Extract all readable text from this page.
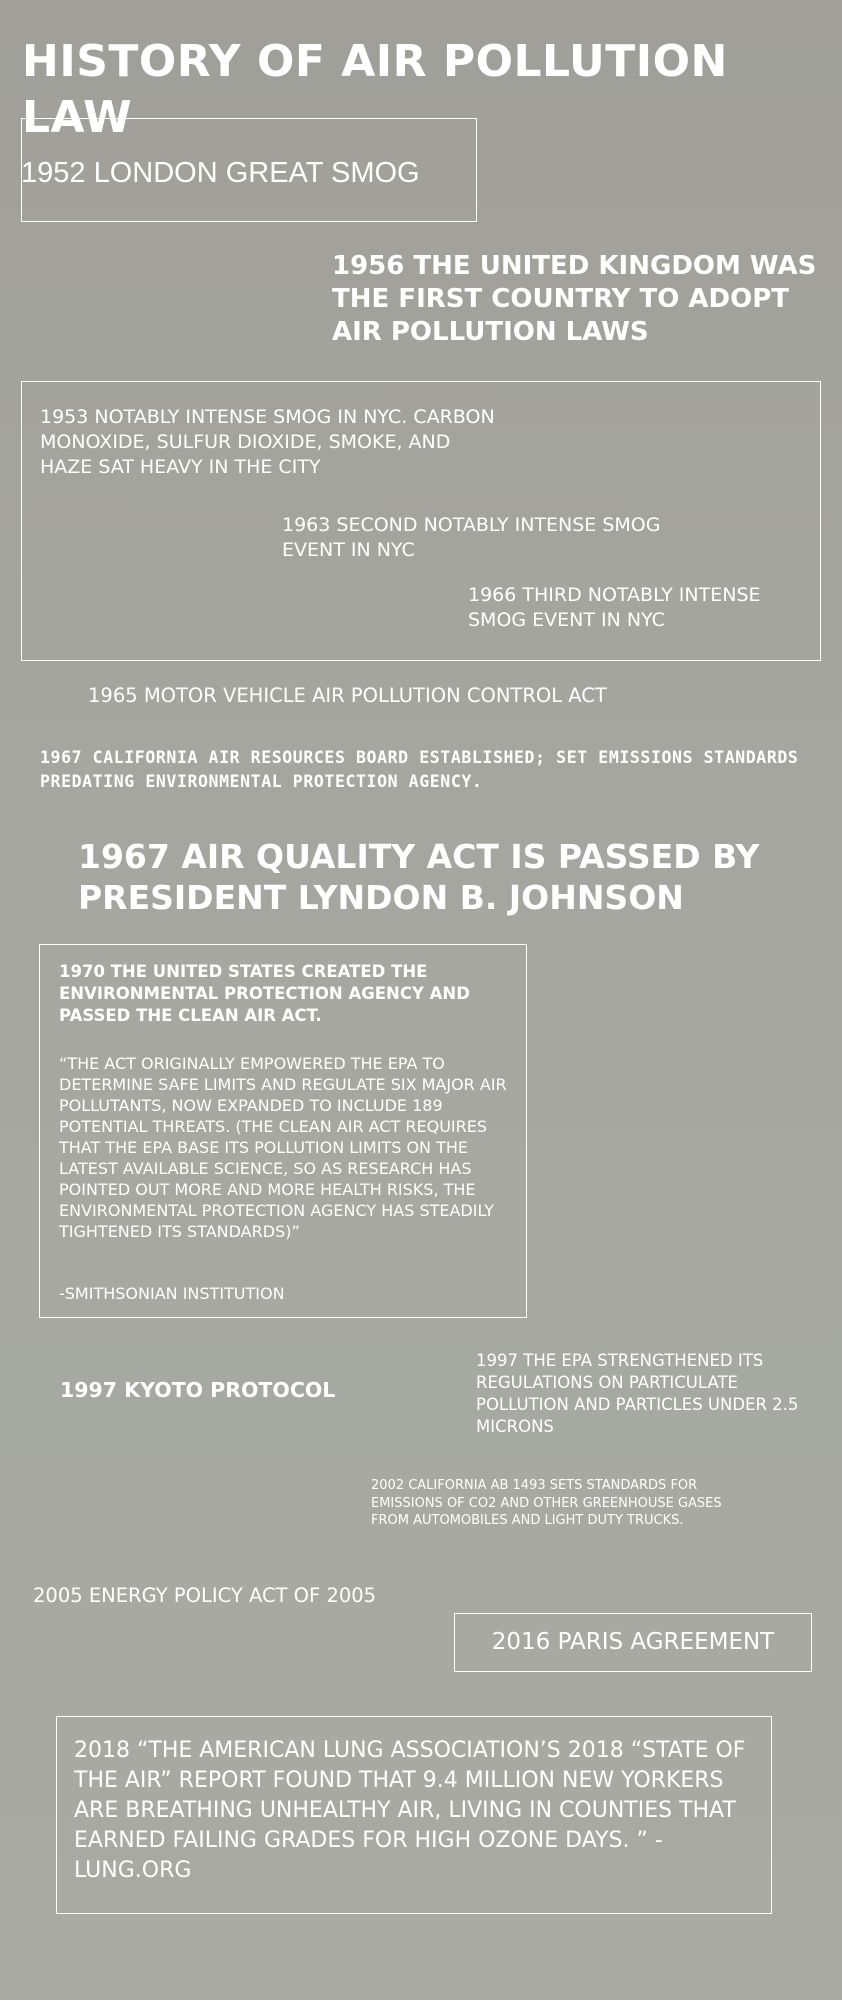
HISTORY OF AIR POLLUTION LAW

1952 LONDON GREAT SMOG

1956 THE UNITED KINGDOM WAS THE FIRST COUNTRY TO ADOPT AIR POLLUTION LAWS

1953 NOTABLY INTENSE SMOG IN NYC. CARBON MONOXIDE, SULFUR DIOXIDE, SMOKE, AND HAZE SAT HEAVY IN THE CITY

1963 SECOND NOTABLY INTENSE SMOG EVENT IN NYC

1966 THIRD NOTABLY INTENSE SMOG EVENT IN NYC

1965 MOTOR VEHICLE AIR POLLUTION CONTROL ACT

1967 CALIFORNIA AIR RESOURCES BOARD ESTABLISHED; SET EMISSIONS STANDARDS PREDATING ENVIRONMENTAL PROTECTION AGENCY.

1967 AIR QUALITY ACT IS PASSED BY PRESIDENT LYNDON B. JOHNSON

1970 THE UNITED STATES CREATED THE ENVIRONMENTAL PROTECTION AGENCY AND PASSED THE CLEAN AIR ACT.

“THE ACT ORIGINALLY EMPOWERED THE EPA TO DETERMINE SAFE LIMITS AND REGULATE SIX MAJOR AIR POLLUTANTS, NOW EXPANDED TO INCLUDE 189 POTENTIAL THREATS. (THE CLEAN AIR ACT REQUIRES THAT THE EPA BASE ITS POLLUTION LIMITS ON THE LATEST AVAILABLE SCIENCE, SO AS RESEARCH HAS POINTED OUT MORE AND MORE HEALTH RISKS, THE ENVIRONMENTAL PROTECTION AGENCY HAS STEADILY TIGHTENED ITS STANDARDS)”

-SMITHSONIAN INSTITUTION

1997 KYOTO PROTOCOL

1997 THE EPA STRENGTHENED ITS REGULATIONS ON PARTICULATE POLLUTION AND PARTICLES UNDER 2.5 MICRONS

2002 CALIFORNIA AB 1493 SETS STANDARDS FOR EMISSIONS OF CO2 AND OTHER GREENHOUSE GASES FROM AUTOMOBILES AND LIGHT DUTY TRUCKS.

2005 ENERGY POLICY ACT OF 2005

2016 PARIS AGREEMENT

2018 “THE AMERICAN LUNG ASSOCIATION’S 2018 “STATE OF THE AIR” REPORT FOUND THAT 9.4 MILLION NEW YORKERS ARE BREATHING UNHEALTHY AIR, LIVING IN COUNTIES THAT EARNED FAILING GRADES FOR HIGH OZONE DAYS. ” -LUNG.ORG
